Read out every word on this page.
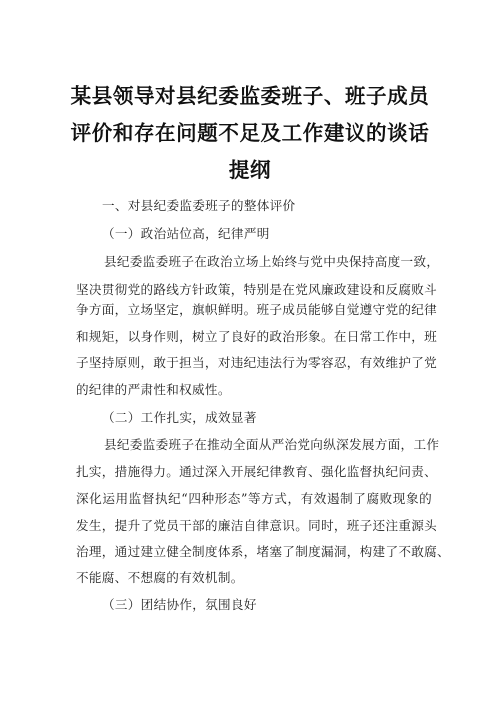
某县领导对县纪委监委班子、班子成员
评价和存在问题不足及工作建议的谈话
提纲
一、对县纪委监委班子的整体评价
（一）政治站位高，纪律严明
县纪委监委班子在政治立场上始终与党中央保持高度一致，
坚决贯彻党的路线方针政策，特别是在党风廉政建设和反腐败斗
争方面，立场坚定，旗帜鲜明。班子成员能够自觉遵守党的纪律
和规矩，以身作则，树立了良好的政治形象。在日常工作中，班
子坚持原则，敢于担当，对违纪违法行为零容忍，有效维护了党
的纪律的严肃性和权威性。
（二）工作扎实，成效显著
县纪委监委班子在推动全面从严治党向纵深发展方面，工作
扎实，措施得力。通过深入开展纪律教育、强化监督执纪问责、
深化运用监督执纪“四种形态”等方式，有效遏制了腐败现象的
发生，提升了党员干部的廉洁自律意识。同时，班子还注重源头
治理，通过建立健全制度体系，堵塞了制度漏洞，构建了不敢腐、
不能腐、不想腐的有效机制。
（三）团结协作，氛围良好
